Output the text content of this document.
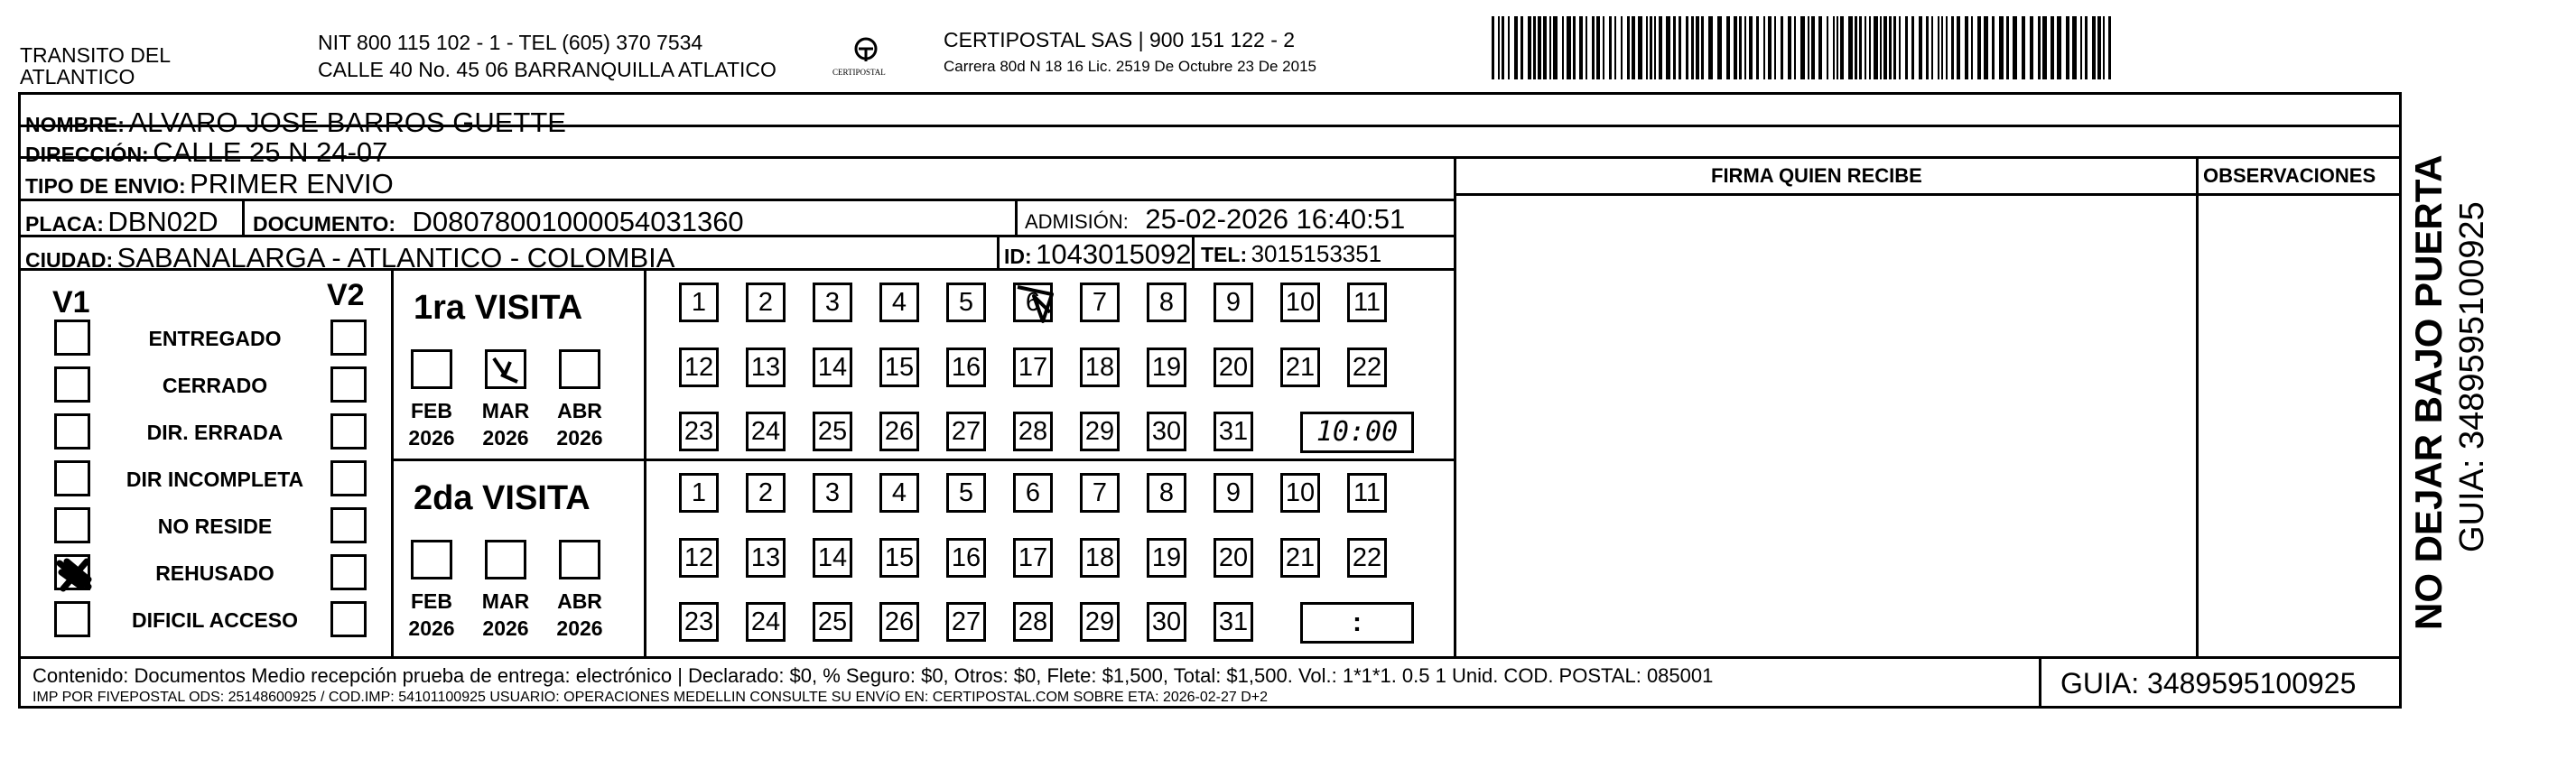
TRANSITO DEL
ATLANTICO
NIT 800 115 102 - 1 - TEL (605) 370 7534
CALLE 40 No. 45 06 BARRANQUILLA ATLATICO	CERTIPOSTAL
CERTIPOSTAL SAS | 900 151 122 - 2
Carrera 80d N 18 16 Lic. 2519 De Octubre 23 De 2015
NOMBRE: ALVARO JOSE BARROS GUETTE
DIRECCIÓN: CALLE 25 N 24-07
TIPO DE ENVIO: PRIMER ENVIO	FIRMA QUIEN RECIBE	OBSERVACIONES
PLACA: DBN02D DOCUMENTO: D08078001000054031360	ADMISIÓN: 25-02-2026 16:40:51
CIUDAD: SABANALARGA - ATLANTICO - COLOMBIA	ID: 1043015092 TEL: 3015153351
V1	V2
ENTREGADO
CERRADO
DIR. ERRADA
DIR INCOMPLETA
NO RESIDE
REHUSADO
DIFICIL ACCESO
1ra VISITA
FEB
2026
MAR
2026
ABR
2026
1	2	3	4	5	6	7	8	9	10 11
12 13 14 15 16 17 18 19 20 21 22
23 24 25 26 27 28 29 30 31	10:00
2da VISITA
FEB
2026
MAR
2026
ABR
2026
1	2	3	4	5	6	7	8	9	10 11
12 13 14 15 16 17 18 19 20 21 22
23 24 25 26 27 28 29 30 31	:
Contenido: Documentos Medio recepción prueba de entrega: electrónico | Declarado: $0, % Seguro: $0, Otros: $0, Flete: $1,500, Total: $1,500. Vol.: 1*1*1. 0.5 1 Unid. COD. POSTAL: 085001
IMP POR FIVEPOSTAL ODS: 25148600925 / COD.IMP: 54101100925 USUARIO: OPERACIONES MEDELLIN CONSULTE SU ENVíO EN: CERTIPOSTAL.COM SOBRE ETA: 2026-02-27 D+2	GUIA: 3489595100925
NO DEJAR BAJO PUERTA GUIA: 3489595100925
